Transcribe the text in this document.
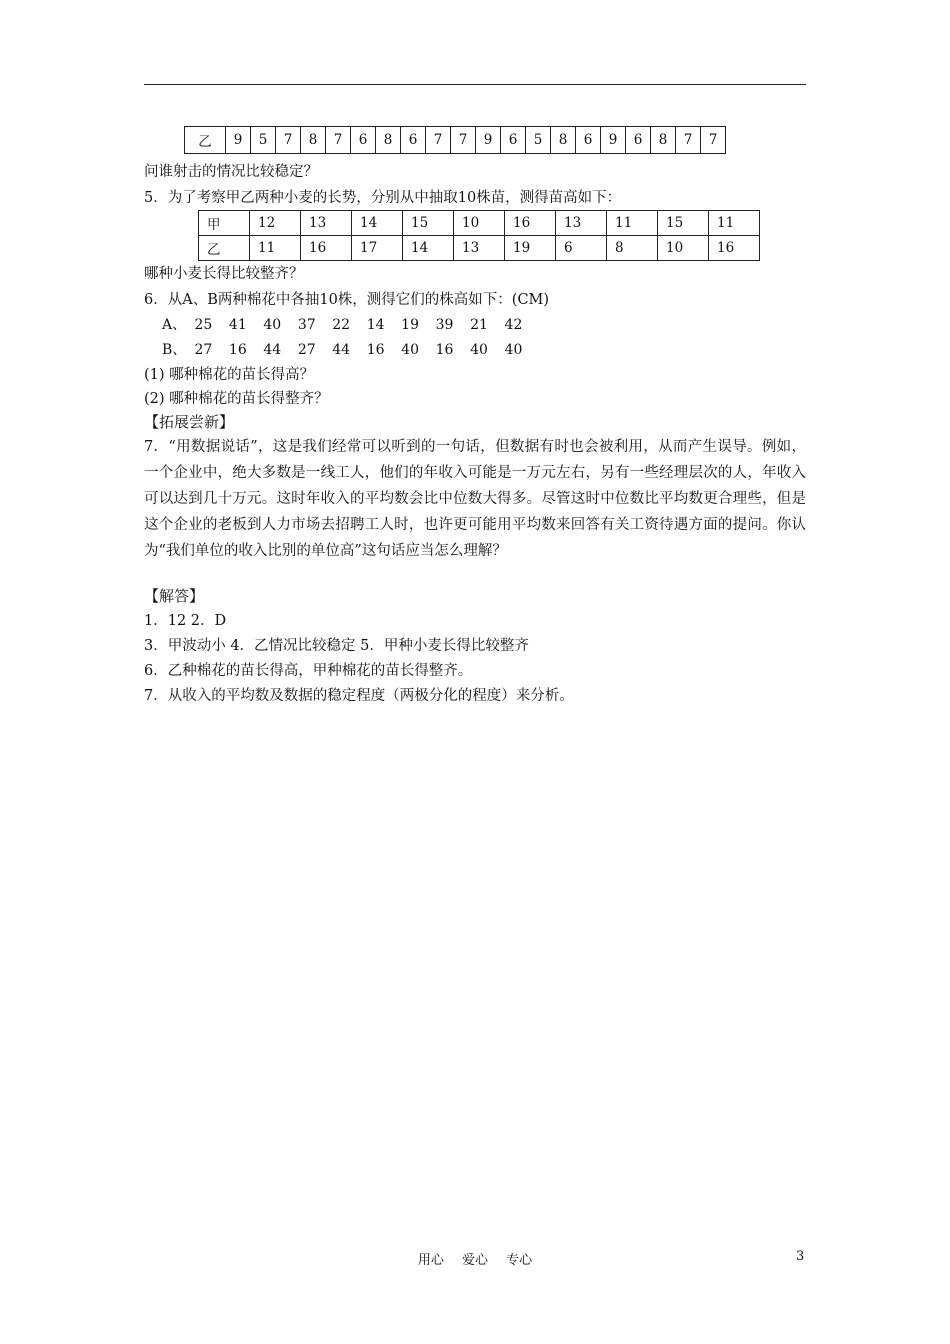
乙	9	5	7	8	7	6	8	6	7	7	9	6	5	8	6	9	6	8	7	7
问谁射击的情况比较稳定？
5．为了考察甲乙两种小麦的长势，分别从中抽取10株苗，测得苗高如下：
甲	12	13	14	15	10	16	13	11	15	11
乙	11	16	17	14	13	19	6	8	10	16
哪种小麦长得比较整齐？
6．从A、B两种棉花中各抽10株，测得它们的株高如下：(CM)
A、 25 41 40 37 22 14 19 39 21 42
B、 27 16 44 27 44 16 40 16 40 40
(1) 哪种棉花的苗长得高？
(2) 哪种棉花的苗长得整齐？
【拓展尝新】
7．“用数据说话”，这是我们经常可以听到的一句话，但数据有时也会被利用，从而产生误导。例如，一个企业中，绝大多数是一线工人，他们的年收入可能是一万元左右，另有一些经理层次的人，年收入可以达到几十万元。这时年收入的平均数会比中位数大得多。尽管这时中位数比平均数更合理些，但是这个企业的老板到人力市场去招聘工人时，也许更可能用平均数来回答有关工资待遇方面的提问。你认为“我们单位的收入比别的单位高”这句话应当怎么理解？
【解答】
1．12 2．D
3．甲波动小 4．乙情况比较稳定 5．甲种小麦长得比较整齐
6．乙种棉花的苗长得高，甲种棉花的苗长得整齐。
7．从收入的平均数及数据的稳定程度（两极分化的程度）来分析。
用心 爱心 专心	3
